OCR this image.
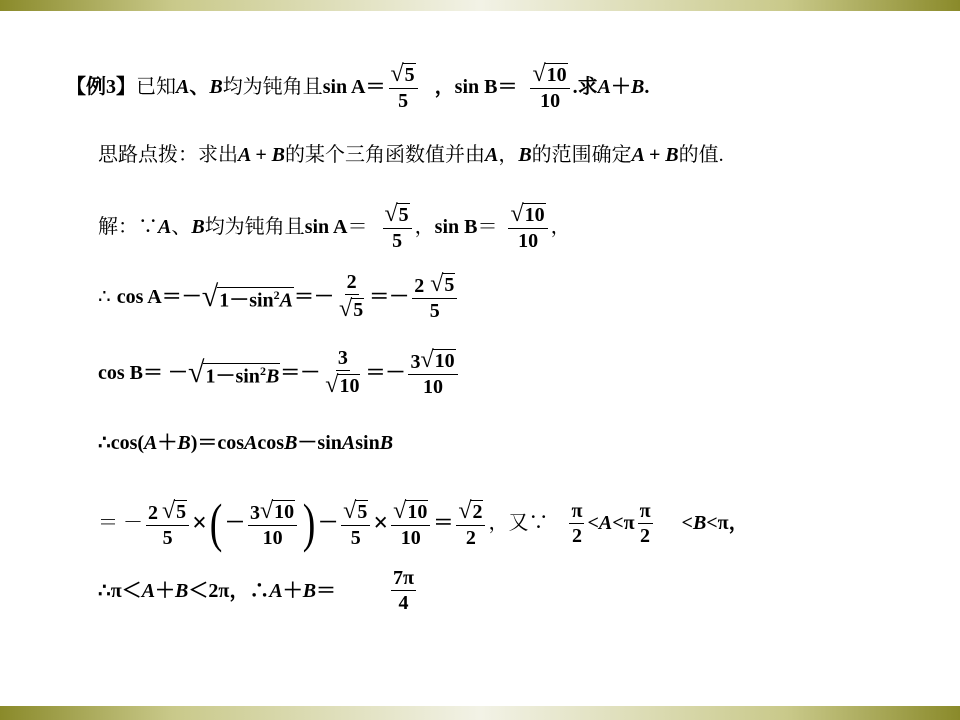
【例3】 已知 A 、 B 均为钝角且 $\sin A = \frac{√ 5}{5}$ ， $\sin B = \frac{√ 10}{10}$ .求 A ＋ B .
思路点拨：求出 A + B 的某个三角函数值并由 A ， B 的范围确定 A + B 的值.
解：∵ A 、 B 均为钝角且 $\sin A = \frac{√ 5}{5}$ ， $\sin B = \frac{√ 10}{10}$ ，
∴ cos A ＝－ √ $1-\sin^2A =- \frac{2}{√ 5} =- \frac{2 √ 5}{5}$
cos B ＝ － √ $1-\sin^2B =- \frac{3}{√ 10} =- \frac{3 √ 10}{10}$
∴cos( A ＋ B )＝cos A cos B －sin A sin B
＝ － $\frac{2 √ 5}{5}$ × ( － $\frac{3 √ 10}{10}$ ) － $\frac{√ 5}{5} \times \frac{√ 10}{10} = \frac{√ 2}{2}$ ，又∵ $\frac{\pi}{2} < A <\pi \frac{\pi}{2} < B <\pi$，
∴π＜ A ＋ B ＜2π，∴ A ＋ B ＝	$\frac{7\pi}{4}$
